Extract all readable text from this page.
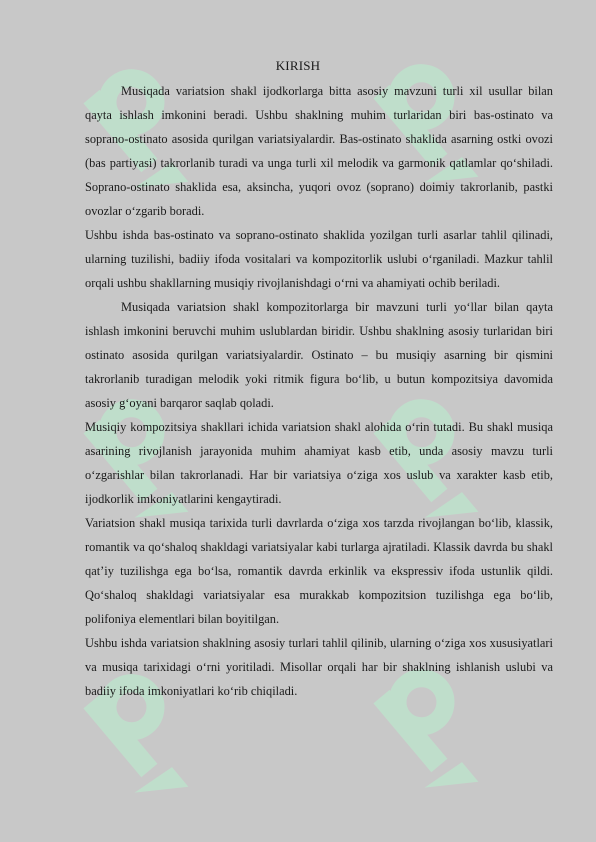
KIRISH

Musiqada variatsion shakl ijodkorlarga bitta asosiy mavzuni turli xil usullar bilan qayta ishlash imkonini beradi. Ushbu shaklning muhim turlaridan biri bas-ostinato va soprano-ostinato asosida qurilgan variatsiyalardir. Bas-ostinato shaklida asarning ostki ovozi (bas partiyasi) takrorlanib turadi va unga turli xil melodik va garmonik qatlamlar qo‘shiladi. Soprano-ostinato shaklida esa, aksincha, yuqori ovoz (soprano) doimiy takrorlanib, pastki ovozlar o‘zgarib boradi.

Ushbu ishda bas-ostinato va soprano-ostinato shaklida yozilgan turli asarlar tahlil qilinadi, ularning tuzilishi, badiiy ifoda vositalari va kompozitorlik uslubi o‘rganiladi. Mazkur tahlil orqali ushbu shakllarning musiqiy rivojlanishdagi o‘rni va ahamiyati ochib beriladi.

Musiqada variatsion shakl kompozitorlarga bir mavzuni turli yo‘llar bilan qayta ishlash imkonini beruvchi muhim uslublardan biridir. Ushbu shaklning asosiy turlaridan biri ostinato asosida qurilgan variatsiyalardir. Ostinato – bu musiqiy asarning bir qismini takrorlanib turadigan melodik yoki ritmik figura bo‘lib, u butun kompozitsiya davomida asosiy g‘oyani barqaror saqlab qoladi.

Musiqiy kompozitsiya shakllari ichida variatsion shakl alohida o‘rin tutadi. Bu shakl musiqa asarining rivojlanish jarayonida muhim ahamiyat kasb etib, unda asosiy mavzu turli o‘zgarishlar bilan takrorlanadi. Har bir variatsiya o‘ziga xos uslub va xarakter kasb etib, ijodkorlik imkoniyatlarini kengaytiradi.

Variatsion shakl musiqa tarixida turli davrlarda o‘ziga xos tarzda rivojlangan bo‘lib, klassik, romantik va qo‘shaloq shakldagi variatsiyalar kabi turlarga ajratiladi. Klassik davrda bu shakl qat’iy tuzilishga ega bo‘lsa, romantik davrda erkinlik va ekspressiv ifoda ustunlik qildi. Qo‘shaloq shakldagi variatsiyalar esa murakkab kompozitsion tuzilishga ega bo‘lib, polifoniya elementlari bilan boyitilgan.

Ushbu ishda variatsion shaklning asosiy turlari tahlil qilinib, ularning o‘ziga xos xususiyatlari va musiqa tarixidagi o‘rni yoritiladi. Misollar orqali har bir shaklning ishlanish uslubi va badiiy ifoda imkoniyatlari ko‘rib chiqiladi.
